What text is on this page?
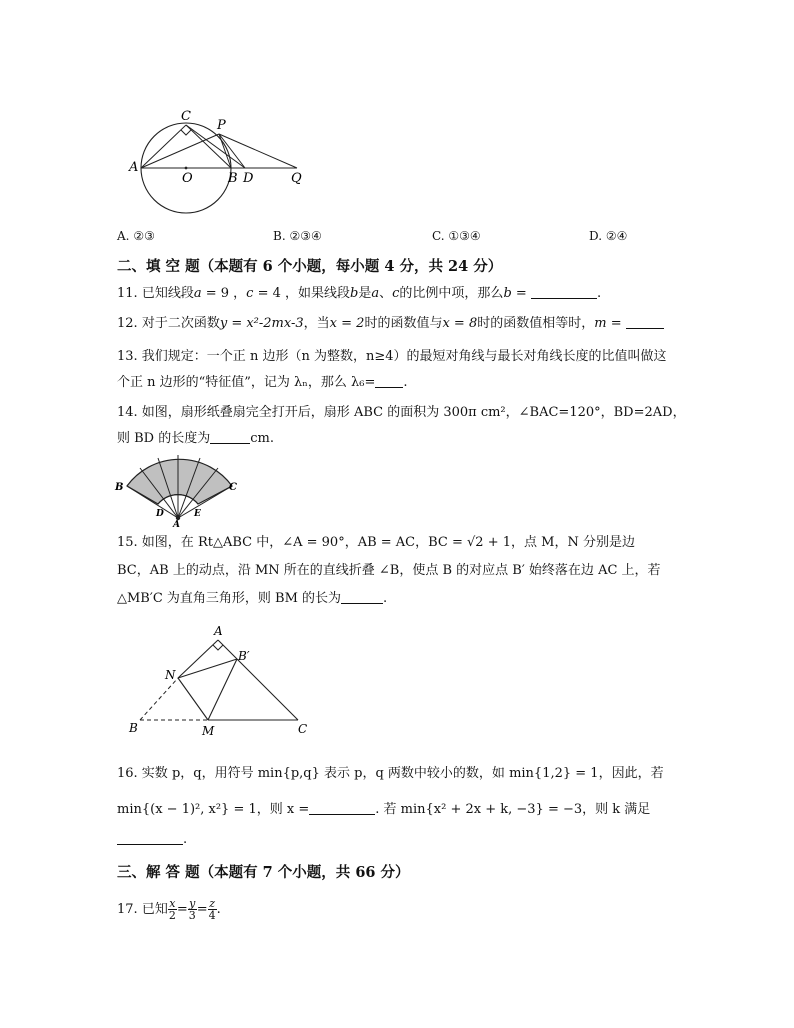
C
P
A
O	B D	Q
A. ②③	B. ②③④	C. ①③④	D. ②④
二、填 空 题（本题有 6 个小题，每小题 4 分，共 24 分）
11. 已知线段a = 9 ，c = 4 ，如果线段b是a、c的比例中项，那么b =	.
12. 对于二次函数y = x²-2mx-3，当x = 2时的函数值与x = 8时的函数值相等时，m =
13. 我们规定：一个正 n 边形（n 为整数，n≥4）的最短对角线与最长对角线长度的比值叫做这
个正 n 边形的“特征值”，记为 λₙ，那么 λ₆= .
14. 如图，扇形纸叠扇完全打开后，扇形 ABC 的面积为 300π cm²，∠BAC=120°，BD=2AD，
则 BD 的长度为	cm.
B	C
D	E
A
15. 如图，在 Rt△ABC 中，∠A = 90°，AB = AC，BC = √2 + 1，点 M，N 分别是边
BC，AB 上的动点，沿 MN 所在的直线折叠 ∠B，使点 B 的对应点 B′ 始终落在边 AC 上，若
△MB′C 为直角三角形，则 BM 的长为	.
A
B′
N
B	M	C
16. 实数 p，q，用符号 min{p,q} 表示 p，q 两数中较小的数，如 min{1,2} = 1，因此，若
min{(x − 1)², x²} = 1，则 x =	. 若 min{x² + 2x + k, −3} = −3，则 k 满足
.
三、解 答 题（本题有 7 个小题，共 66 分）
17. 已知 $\frac{x}{2} = \frac{y}{3} = \frac{z}{4}$ .
